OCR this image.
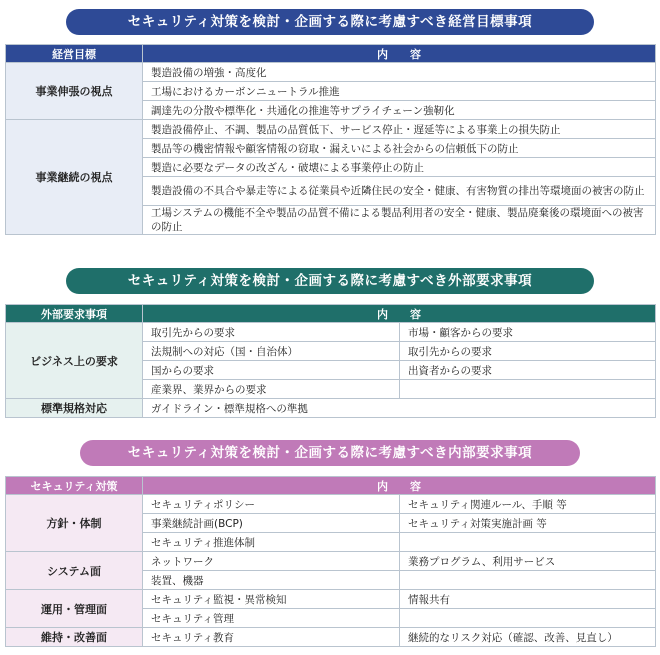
セキュリティ対策を検討・企画する際に考慮すべき経営目標事項
経営目標	内　　容
事業伸張の視点	製造設備の増強・高度化
	工場におけるカーボンニュートラル推進
	調達先の分散や標準化・共通化の推進等サプライチェーン強靭化
事業継続の視点	製造設備停止、不調、製品の品質低下、サービス停止・遅延等による事業上の損失防止
	製品等の機密情報や顧客情報の窃取・漏えいによる社会からの信頼低下の防止
	製造に必要なデータの改ざん・破壊による事業停止の防止
	製造設備の不具合や暴走等による従業員や近隣住民の安全・健康、有害物質の排出等環境面の被害の防止
	工場システムの機能不全や製品の品質不備による製品利用者の安全・健康、製品廃棄後の環境面への被害の防止
セキュリティ対策を検討・企画する際に考慮すべき外部要求事項
外部要求事項	内　　容	
ビジネス上の要求	取引先からの要求	市場・顧客からの要求
	法規制への対応（国・自治体）	取引先からの要求
	国からの要求	出資者からの要求
	産業界、業界からの要求	
標準規格対応	ガイドライン・標準規格への準拠	
セキュリティ対策を検討・企画する際に考慮すべき内部要求事項
セキュリティ対策	内　　容	
方針・体制	セキュリティポリシー	セキュリティ関連ルール、手順 等
	事業継続計画(BCP)	セキュリティ対策実施計画 等
	セキュリティ推進体制	
システム面	ネットワーク	業務プログラム、利用サービス
	装置、機器	
運用・管理面	セキュリティ監視・異常検知	情報共有
	セキュリティ管理	
維持・改善面	セキュリティ教育	継続的なリスク対応（確認、改善、見直し）
